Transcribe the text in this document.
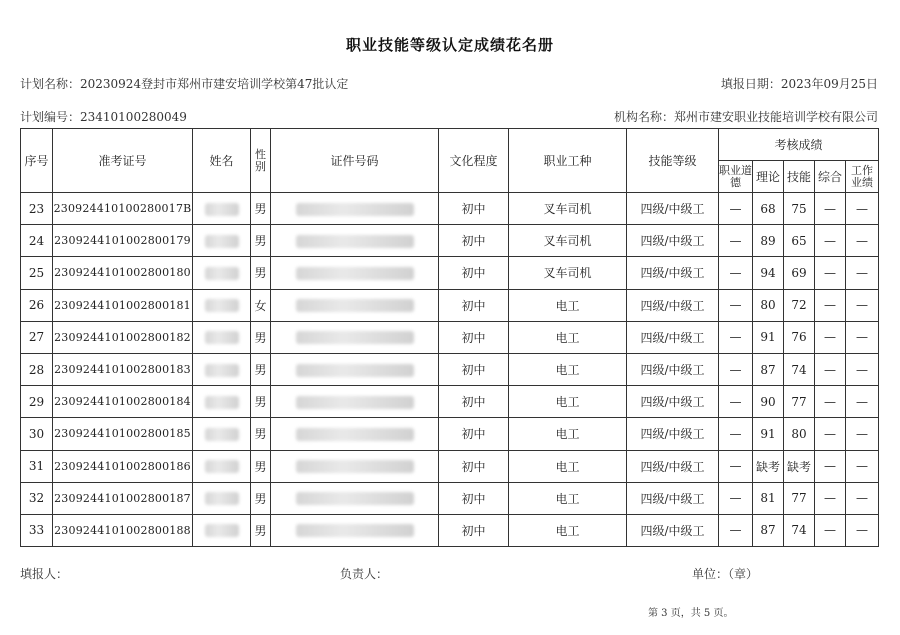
职业技能等级认定成绩花名册
计划名称：20230924登封市郑州市建安培训学校第47批认定	填报日期：2023年09月25日
计划编号：23410100280049	机构名称：郑州市建安职业技能培训学校有限公司
序号	准考证号	姓名	性别	证件号码	文化程度	职业工种	技能等级	考核成绩				
								职业道德	理论	技能	综合	工作业绩
23	230924410100280017B		男		初中	叉车司机	四级/中级工	—	68	75	—	—
24	2309244101002800179		男		初中	叉车司机	四级/中级工	—	89	65	—	—
25	2309244101002800180		男		初中	叉车司机	四级/中级工	—	94	69	—	—
26	2309244101002800181		女		初中	电工	四级/中级工	—	80	72	—	—
27	2309244101002800182		男		初中	电工	四级/中级工	—	91	76	—	—
28	2309244101002800183		男		初中	电工	四级/中级工	—	87	74	—	—
29	2309244101002800184		男		初中	电工	四级/中级工	—	90	77	—	—
30	2309244101002800185		男		初中	电工	四级/中级工	—	91	80	—	—
31	2309244101002800186		男		初中	电工	四级/中级工	—	缺考	缺考	—	—
32	2309244101002800187		男		初中	电工	四级/中级工	—	81	77	—	—
33	2309244101002800188		男		初中	电工	四级/中级工	—	87	74	—	—
填报人：	负责人：	单位：（章）
第 3 页，共 5 页。
